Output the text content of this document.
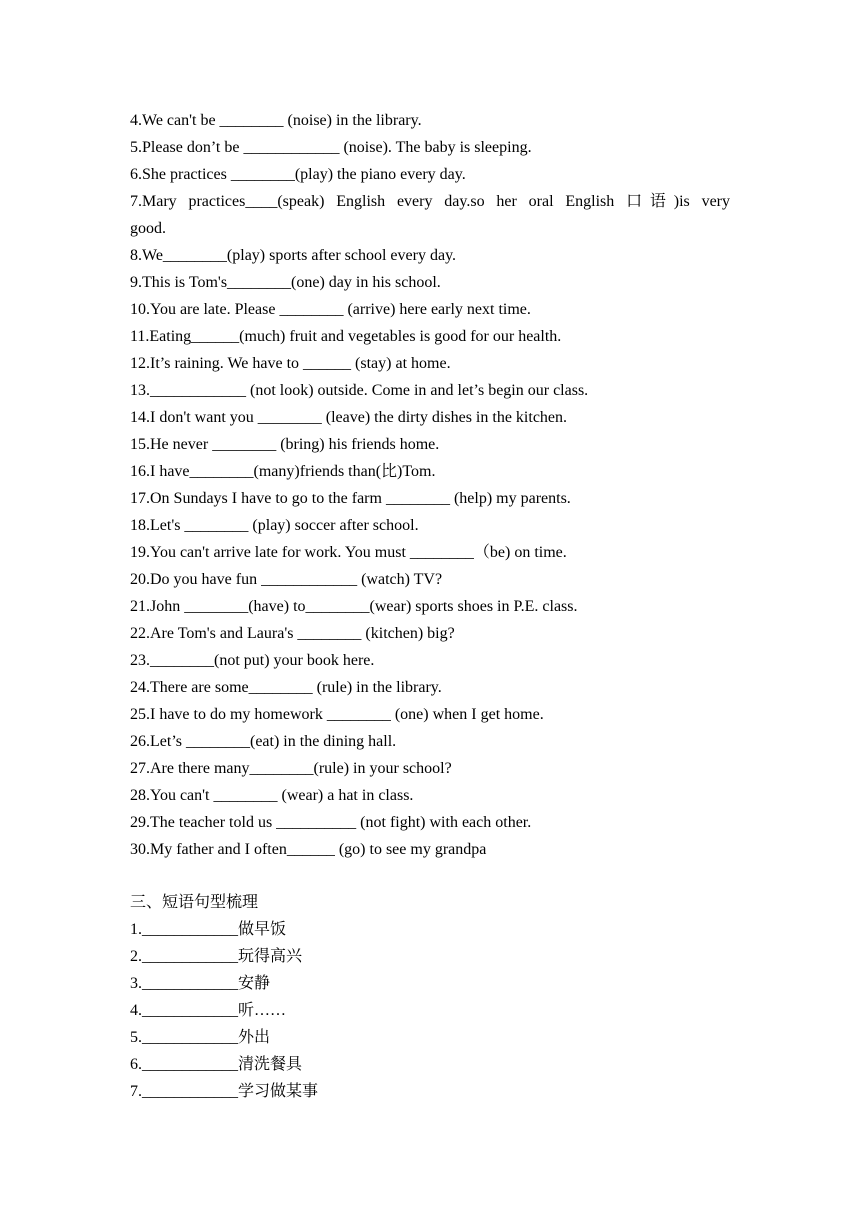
4.We can't be ________ (noise) in the library.
5.Please don’t be ____________ (noise). The baby is sleeping.
6.She practices ________(play) the piano every day.
7.Mary practices____(speak) English every day.so her oral English 口语)is very
good.
8.We________(play) sports after school every day.
9.This is Tom's________(one) day in his school.
10.You are late. Please ________ (arrive) here early next time.
11.Eating______(much) fruit and vegetables is good for our health.
12.It’s raining. We have to ______ (stay) at home.
13.____________ (not look) outside. Come in and let’s begin our class.
14.I don't want you ________ (leave) the dirty dishes in the kitchen.
15.He never ________ (bring) his friends home.
16.I have________(many)friends than(比)Tom.
17.On Sundays I have to go to the farm ________ (help) my parents.
18.Let's ________ (play) soccer after school.
19.You can't arrive late for work. You must ________（be) on time.
20.Do you have fun ____________ (watch) TV?
21.John ________(have) to________(wear) sports shoes in P.E. class.
22.Are Tom's and Laura's ________ (kitchen) big?
23.________(not put) your book here.
24.There are some________ (rule) in the library.
25.I have to do my homework ________ (one) when I get home.
26.Let’s ________(eat) in the dining hall.
27.Are there many________(rule) in your school?
28.You can't ________ (wear) a hat in class.
29.The teacher told us __________ (not fight) with each other.
30.My father and I often______ (go) to see my grandpa
三、短语句型梳理
1.____________做早饭
2.____________玩得高兴
3.____________安静
4.____________听……
5.____________外出
6.____________清洗餐具
7.____________学习做某事
